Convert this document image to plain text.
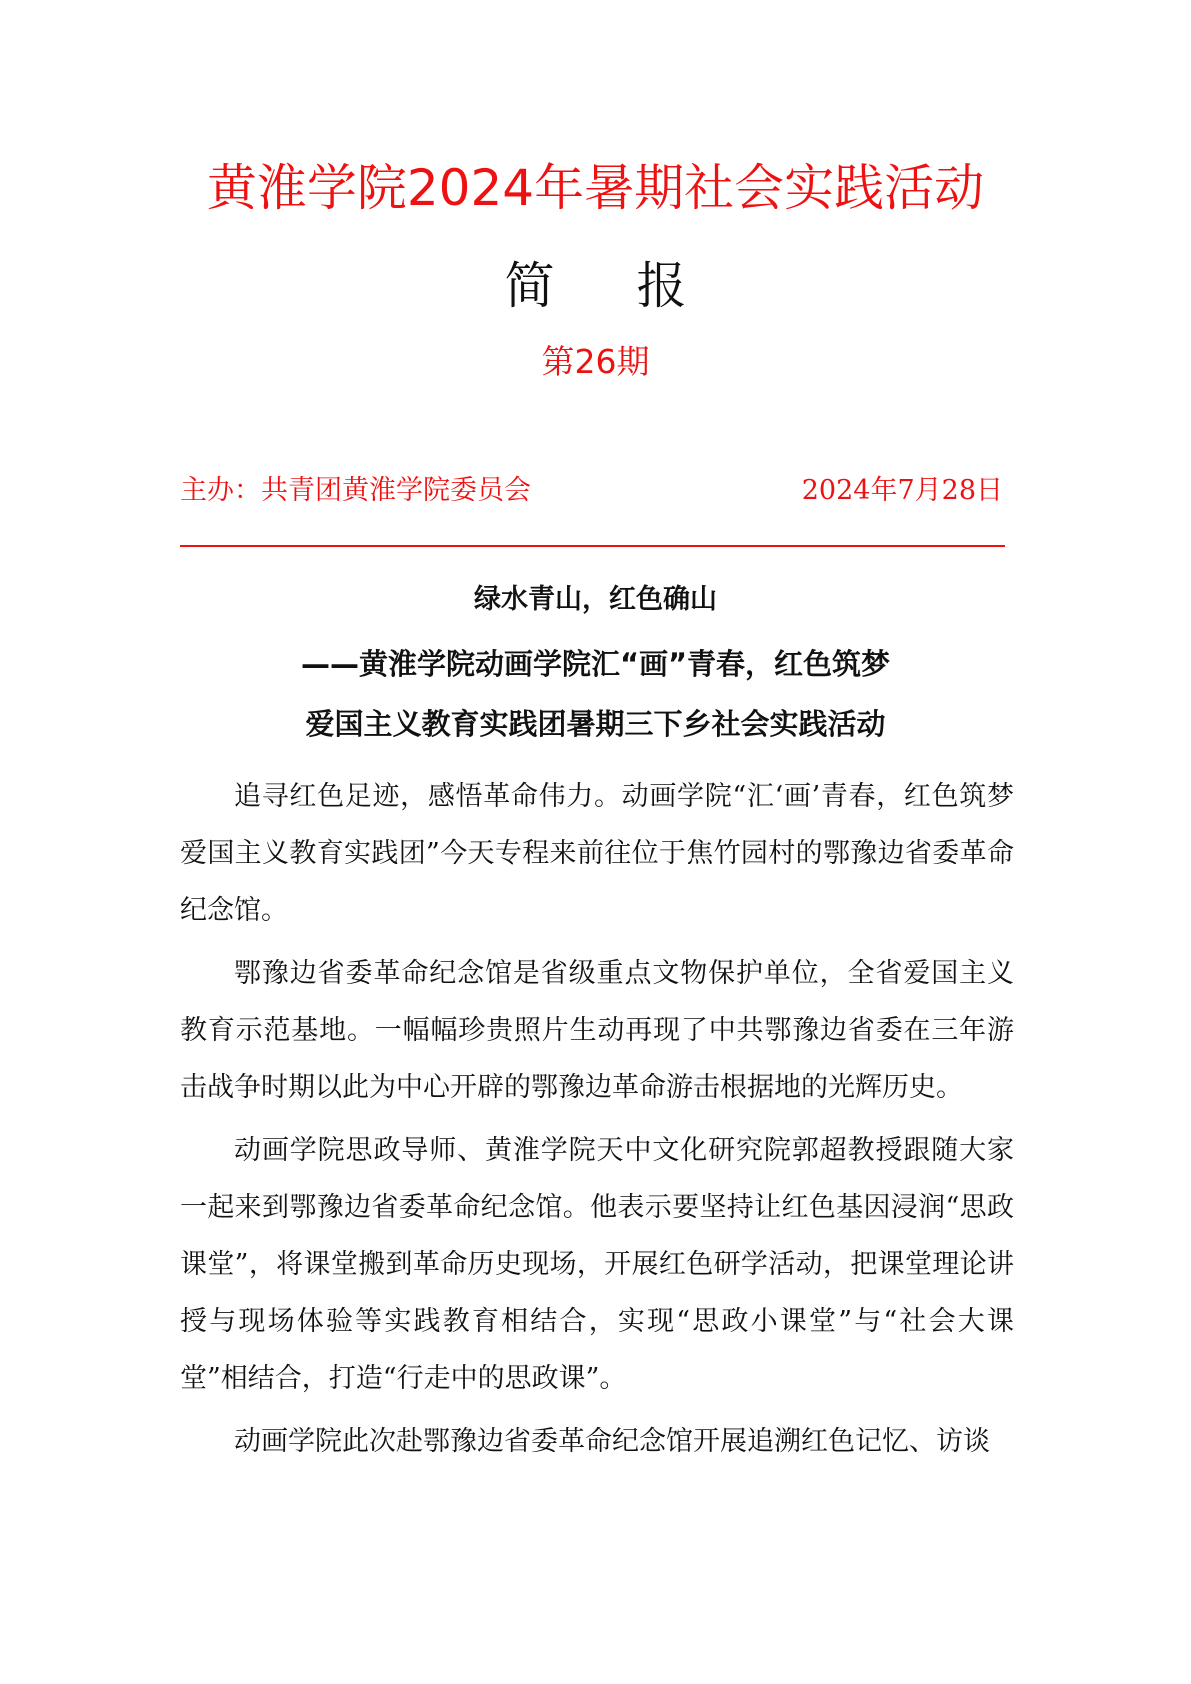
黄淮学院2024年暑期社会实践活动
简 报
第26期
主办：共青团黄淮学院委员会	2024年7月28日
绿水青山，红色确山
——黄淮学院动画学院汇“画”青春，红色筑梦
爱国主义教育实践团暑期三下乡社会实践活动

追寻红色足迹，感悟革命伟力。动画学院“汇‘画’青春，红色筑梦爱国主义教育实践团”今天专程来前往位于焦竹园村的鄂豫边省委革命纪念馆。

鄂豫边省委革命纪念馆是省级重点文物保护单位，全省爱国主义教育示范基地。一幅幅珍贵照片生动再现了中共鄂豫边省委在三年游击战争时期以此为中心开辟的鄂豫边革命游击根据地的光辉历史。

动画学院思政导师、黄淮学院天中文化研究院郭超教授跟随大家一起来到鄂豫边省委革命纪念馆。他表示要坚持让红色基因浸润“思政课堂”，将课堂搬到革命历史现场，开展红色研学活动，把课堂理论讲授与现场体验等实践教育相结合，实现“思政小课堂”与“社会大课堂”相结合，打造“行走中的思政课”。

动画学院此次赴鄂豫边省委革命纪念馆开展追溯红色记忆、访谈
